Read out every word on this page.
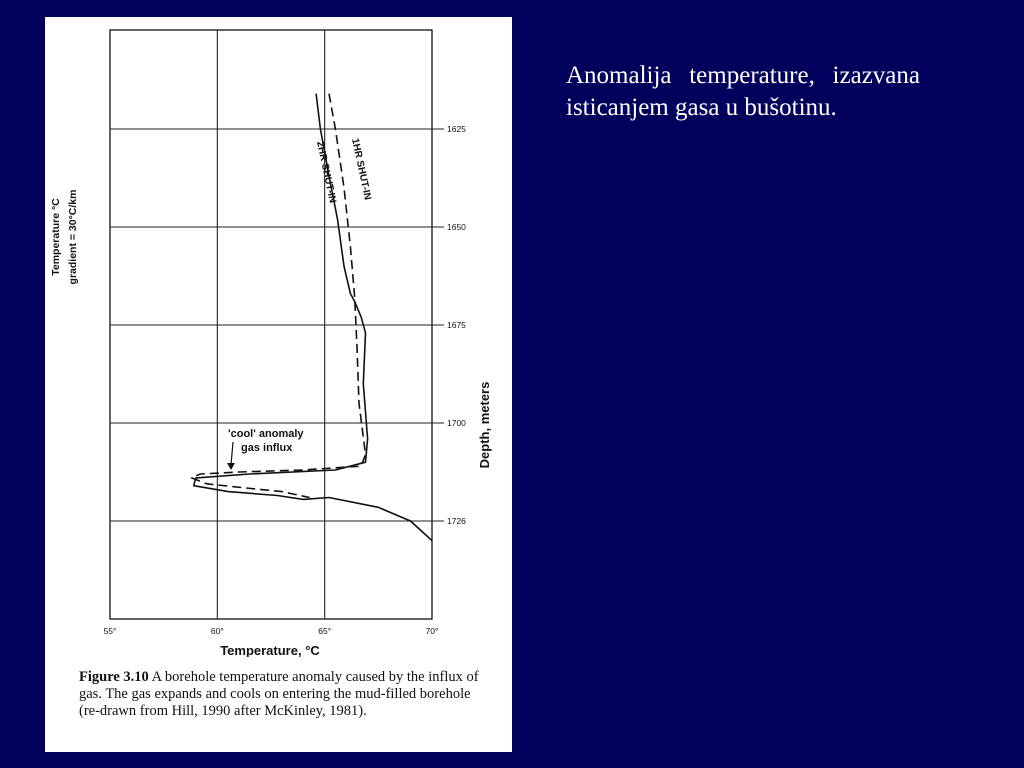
55°	60°	65°	70°
1625
1650
1675
1700
1726
Temperature °C gradient = 30°C/km
Depth, meters
Temperature, °C
1HR SHUT-IN
2HR SHUT-IN
'cool' anomaly
gas influx
Figure 3.10 A borehole temperature anomaly caused by the influx of gas. The gas expands and cools on entering the mud-filled borehole (re-drawn from Hill, 1990 after McKinley, 1981).
Anomalija temperature, izazvana isticanjem gasa u bušotinu.
